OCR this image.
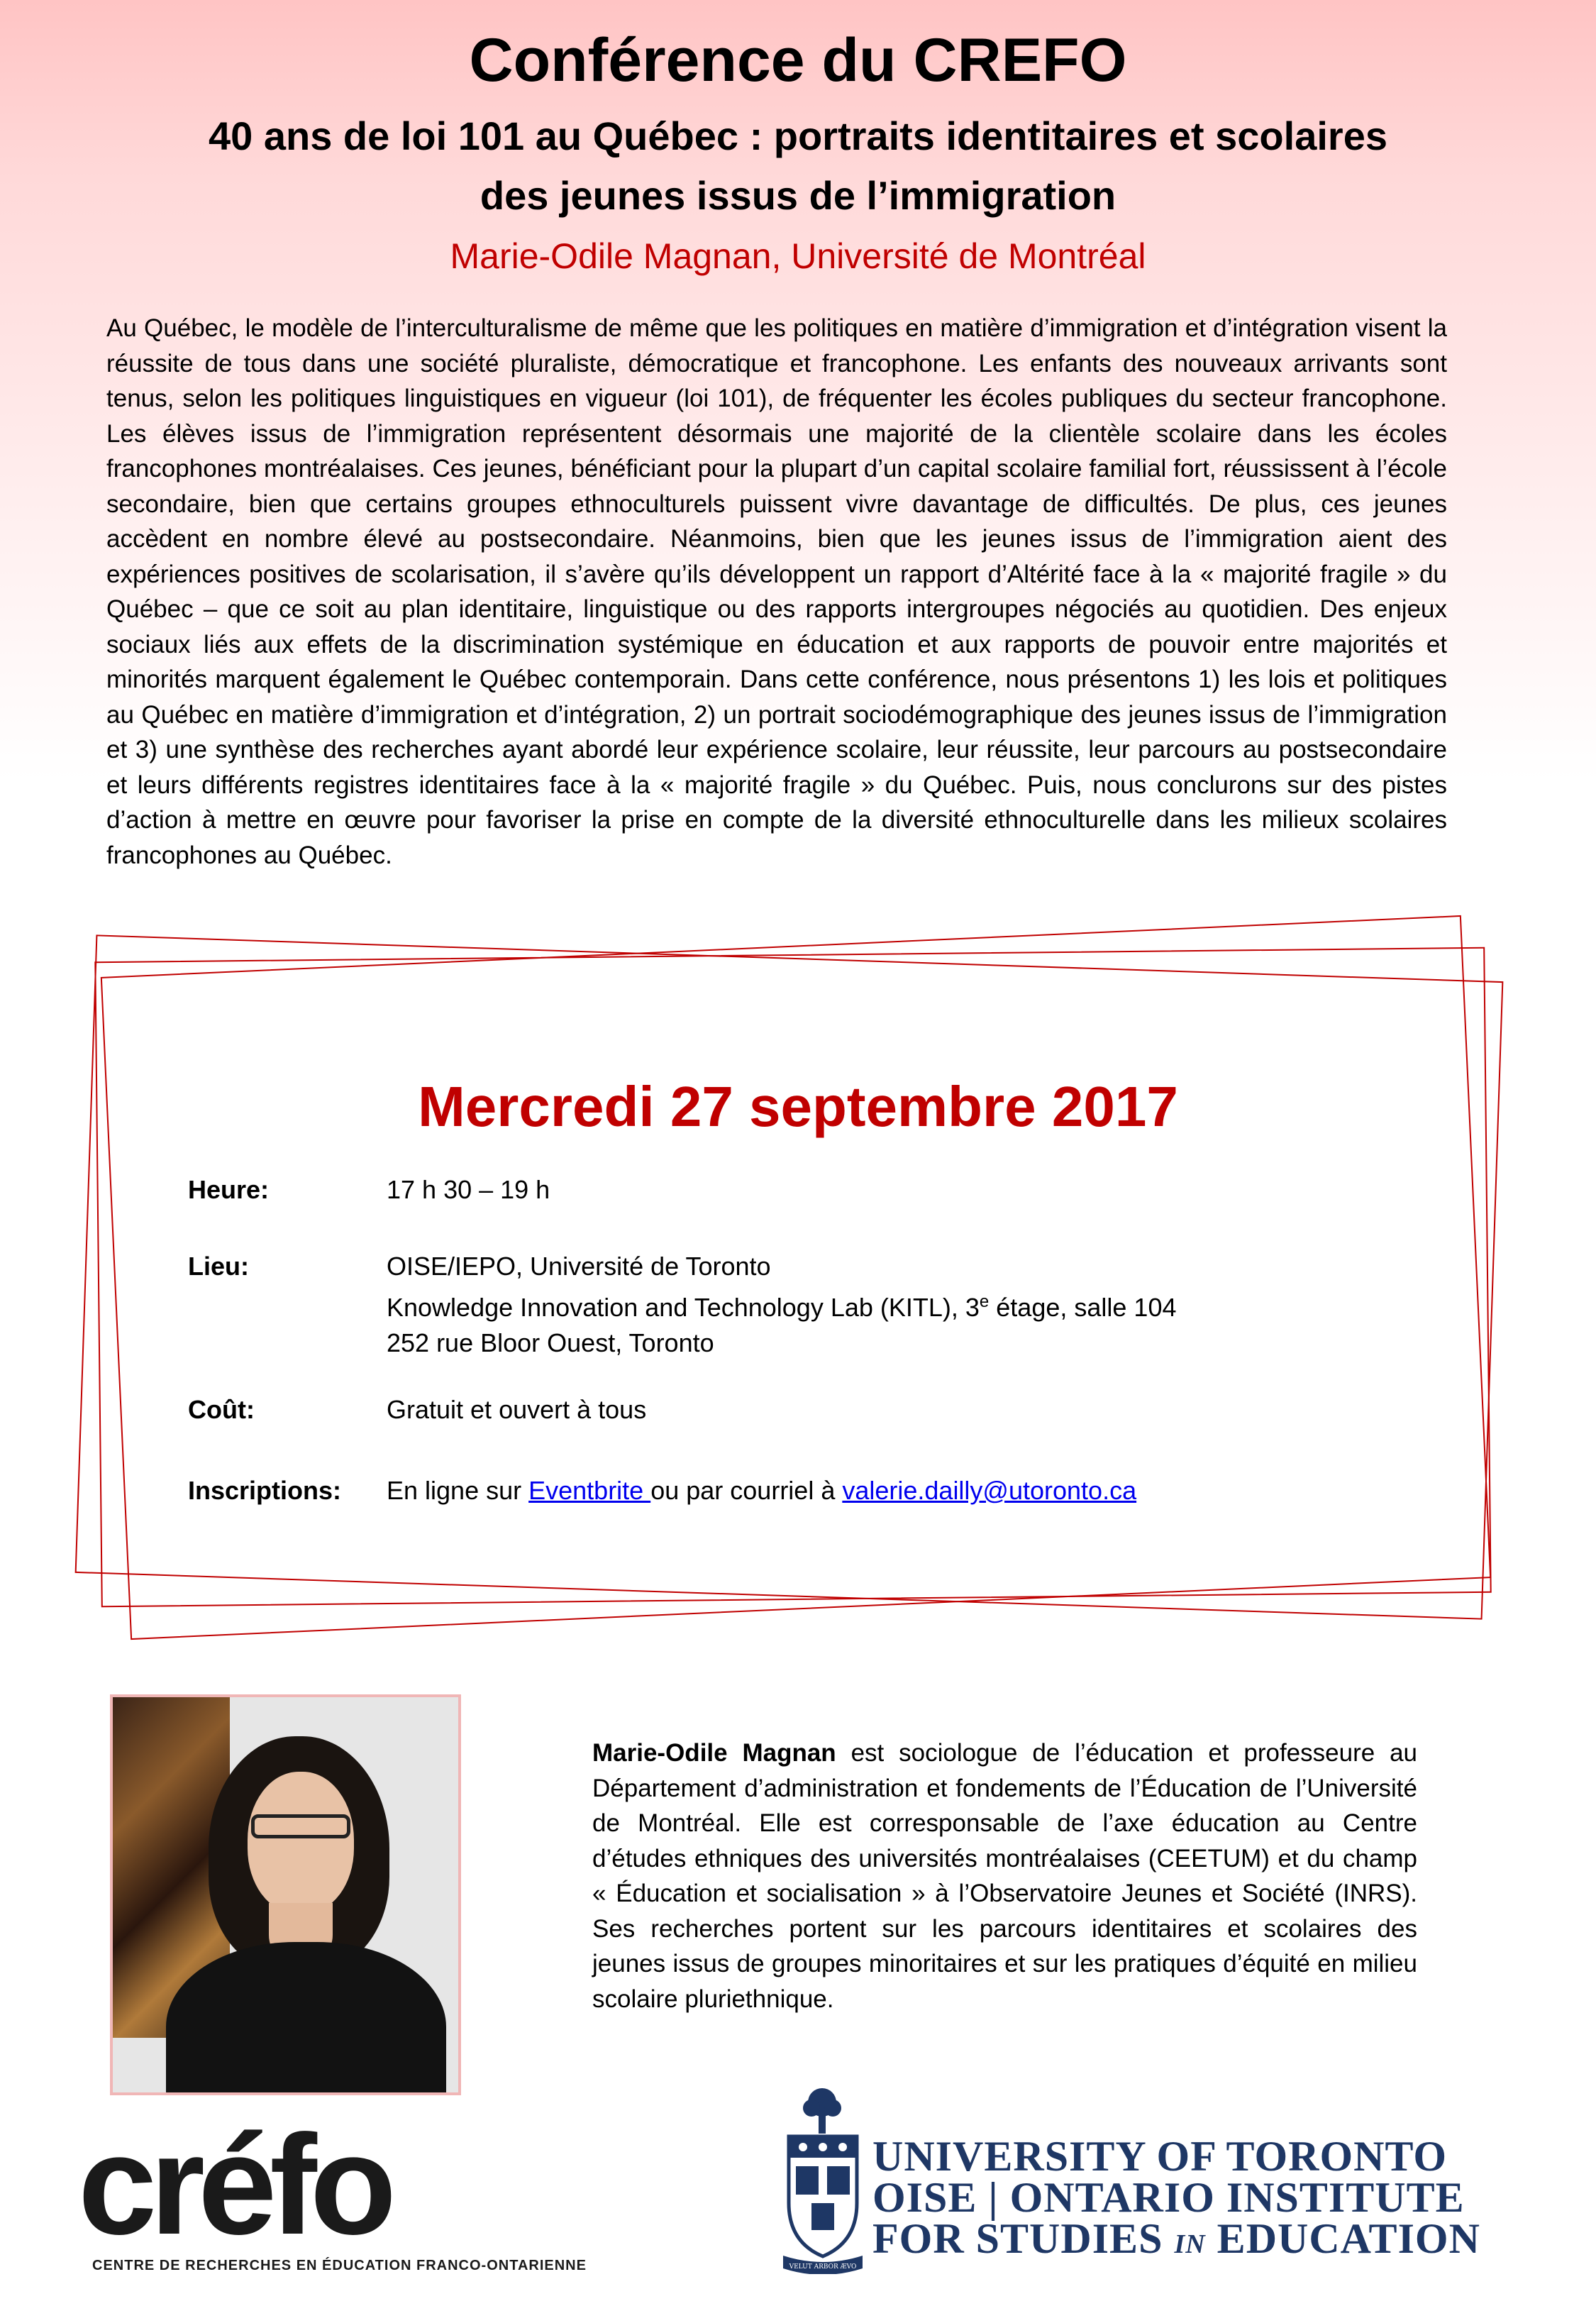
Conférence du CREFO
40 ans de loi 101 au Québec : portraits identitaires et scolaires des jeunes issus de l’immigration
Marie-Odile Magnan, Université de Montréal

Au Québec, le modèle de l’interculturalisme de même que les politiques en matière d’immigration et d’intégration visent la réussite de tous dans une société pluraliste, démocratique et francophone. Les enfants des nouveaux arrivants sont tenus, selon les politiques linguistiques en vigueur (loi 101), de fréquenter les écoles publiques du secteur francophone. Les élèves issus de l’immigration représentent désormais une majorité de la clientèle scolaire dans les écoles francophones montréalaises. Ces jeunes, bénéficiant pour la plupart d’un capital scolaire familial fort, réussissent à l’école secondaire, bien que certains groupes ethnoculturels puissent vivre davantage de difficultés. De plus, ces jeunes accèdent en nombre élevé au postsecondaire. Néanmoins, bien que les jeunes issus de l’immigration aient des expériences positives de scolarisation, il s’avère qu’ils développent un rapport d’Altérité face à la « majorité fragile » du Québec – que ce soit au plan identitaire, linguistique ou des rapports intergroupes négociés au quotidien. Des enjeux sociaux liés aux effets de la discrimination systémique en éducation et aux rapports de pouvoir entre majorités et minorités marquent également le Québec contemporain. Dans cette conférence, nous présentons 1) les lois et politiques au Québec en matière d’immigration et d’intégration, 2) un portrait sociodémographique des jeunes issus de l’immigration et 3) une synthèse des recherches ayant abordé leur expérience scolaire, leur réussite, leur parcours au postsecondaire et leurs différents registres identitaires face à la « majorité fragile » du Québec. Puis, nous conclurons sur des pistes d’action à mettre en œuvre pour favoriser la prise en compte de la diversité ethnoculturelle dans les milieux scolaires francophones au Québec.

Mercredi 27 septembre 2017
Heure:	17 h 30 – 19 h
Lieu:	OISE/IEPO, Université de Toronto
Knowledge Innovation and Technology Lab (KITL), 3e étage, salle 104
252 rue Bloor Ouest, Toronto
Coût:	Gratuit et ouvert à tous
Inscriptions:	En ligne sur Eventbrite ou par courriel à valerie.dailly@utoronto.ca

Marie-Odile Magnan est sociologue de l’éducation et professeure au Département d’administration et fondements de l’Éducation de l’Université de Montréal. Elle est corresponsable de l’axe éducation au Centre d’études ethniques des universités montréalaises (CEETUM) et du champ « Éducation et socialisation » à l’Observatoire Jeunes et Société (INRS). Ses recherches portent sur les parcours identitaires et scolaires des jeunes issus de groupes minoritaires et sur les pratiques d’équité en milieu scolaire pluriethnique.

créfo
CENTRE DE RECHERCHES EN ÉDUCATION FRANCO-ONTARIENNE	VELUT ARBOR ÆVO
UNIVERSITY OF TORONTO
OISE | ONTARIO INSTITUTE
FOR STUDIES IN EDUCATION
